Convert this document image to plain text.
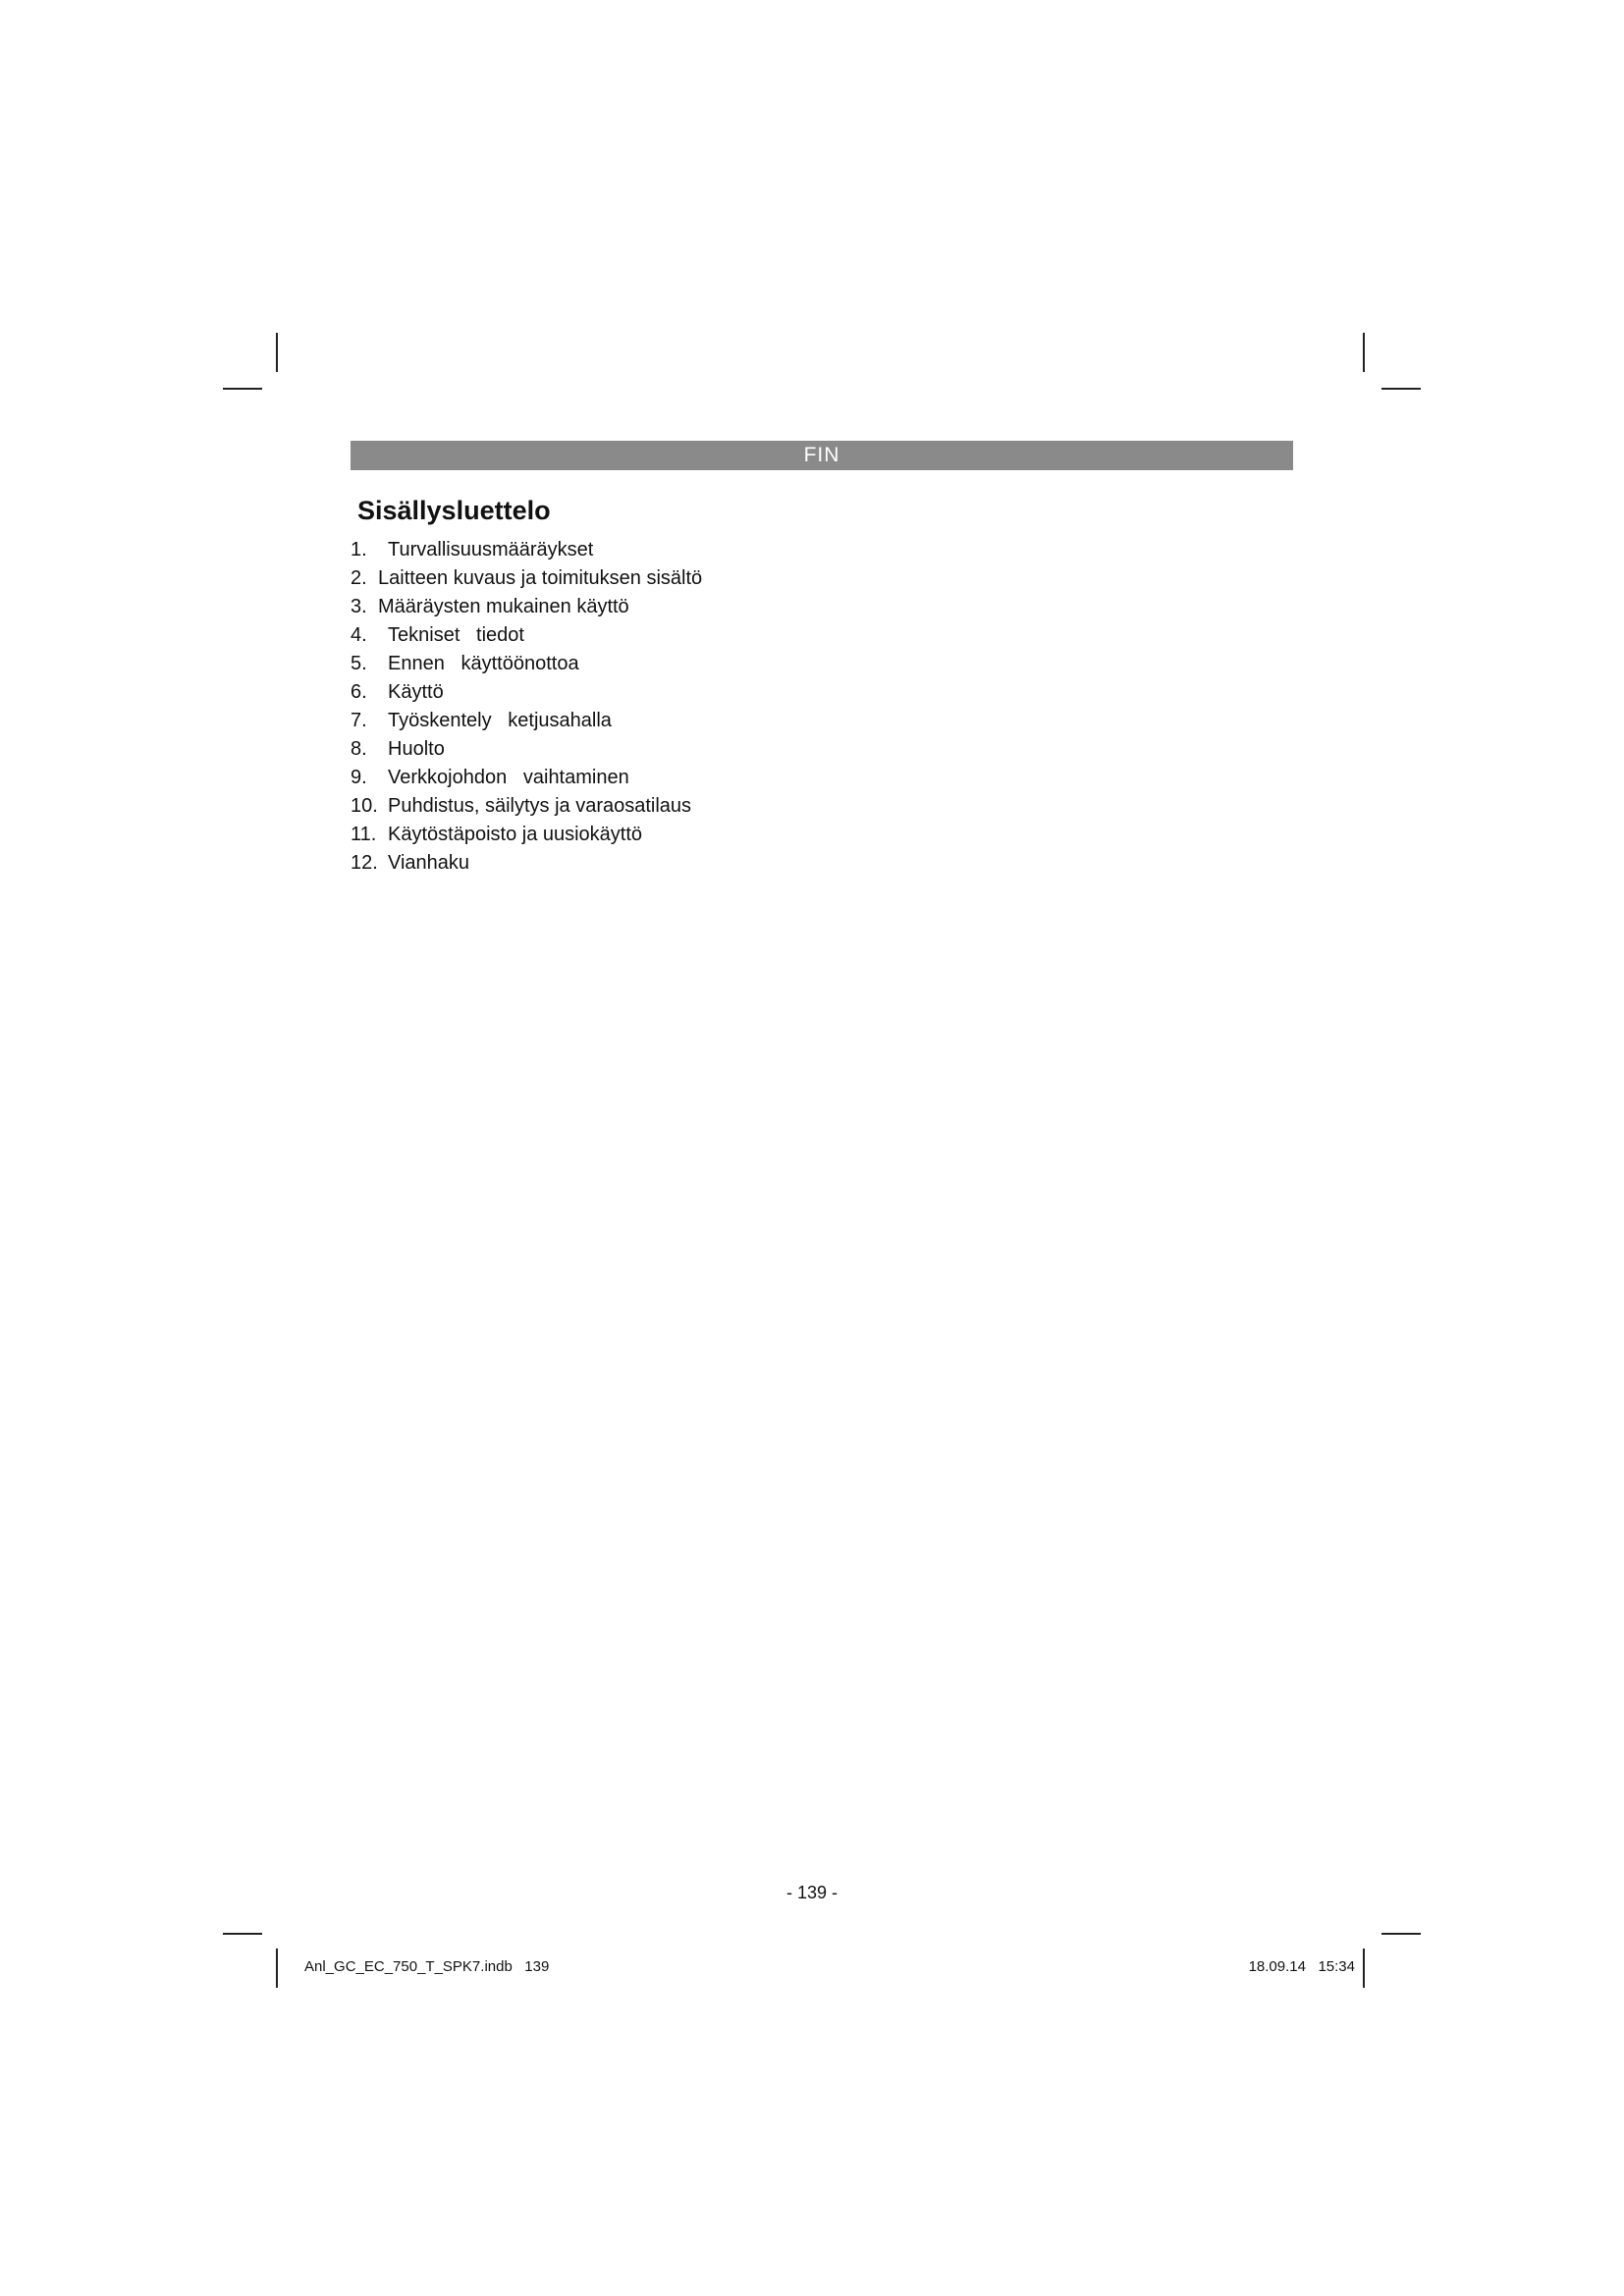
FIN
Sisällysluettelo
1.	Turvallisuusmääräykset
2. Laitteen kuvaus ja toimituksen sisältö
3. Määräysten mukainen käyttö
4.	Tekniset   tiedot
5.	Ennen   käyttöönottoa
6.	Käyttö
7.	Työskentely   ketjusahalla
8.	Huolto
9.	Verkkojohdon   vaihtaminen
10. Puhdistus, säilytys ja varaosatilaus
11. Käytöstäpoisto ja uusiokäyttö
12. Vianhaku
- 139 -
Anl_GC_EC_750_T_SPK7.indb   139	18.09.14   15:34
